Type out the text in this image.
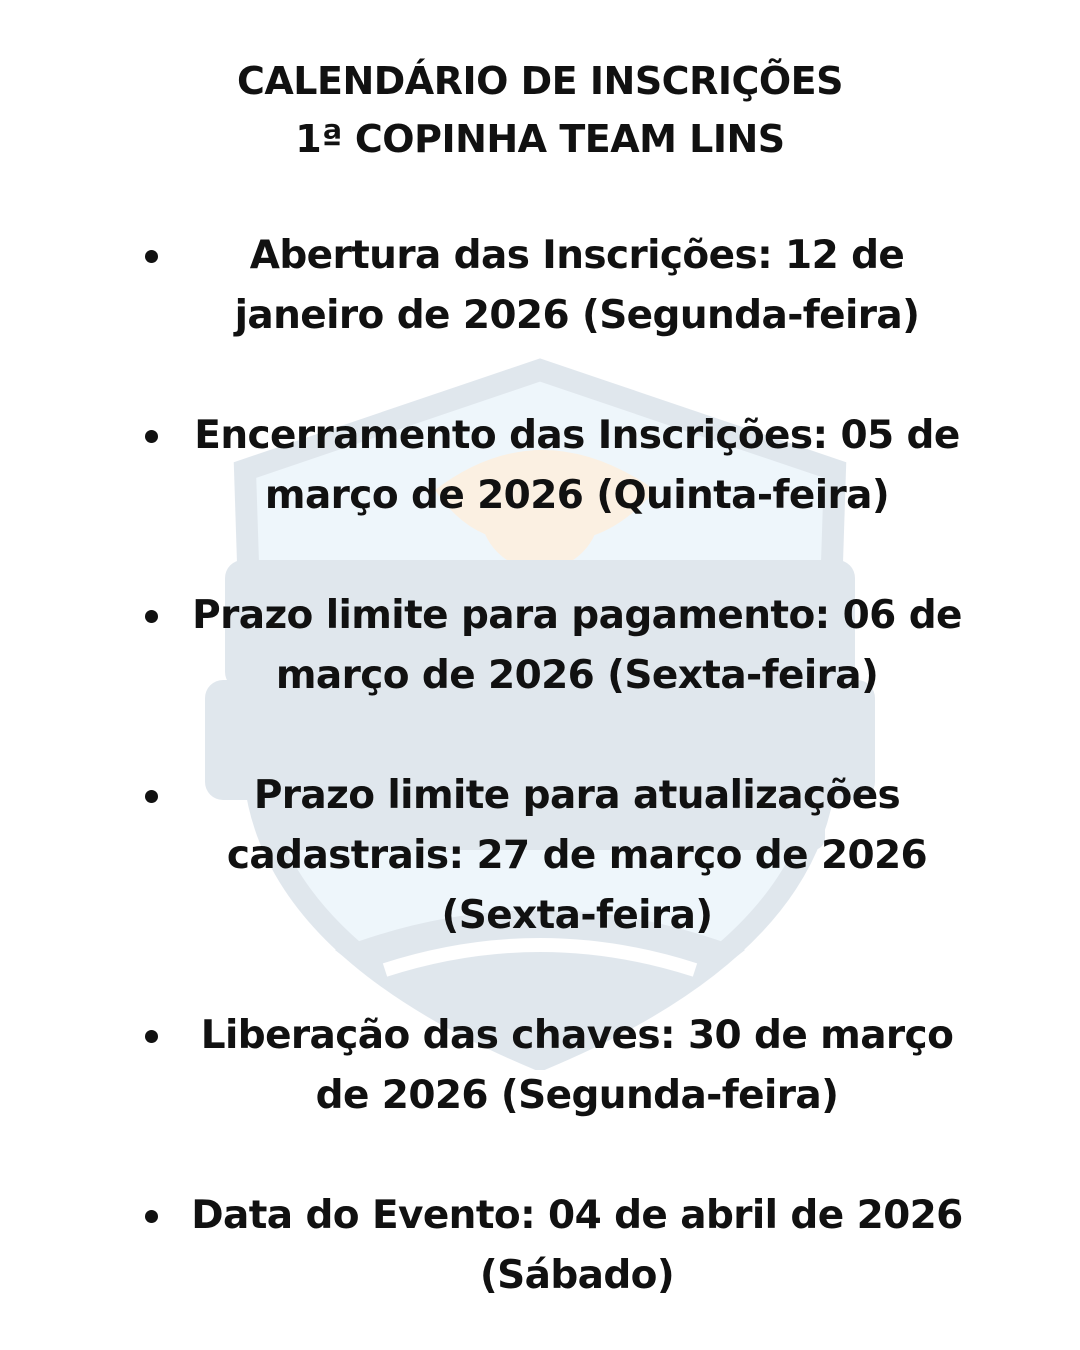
CALENDÁRIO DE INSCRIÇÕES
1ª COPINHA TEAM LINS
Abertura das Inscrições: 12 de
janeiro de 2026 (Segunda-feira)
Encerramento das Inscrições: 05 de
março de 2026 (Quinta-feira)
Prazo limite para pagamento: 06 de
março de 2026 (Sexta-feira)
Prazo limite para atualizações
cadastrais: 27 de março de 2026
(Sexta-feira)
Liberação das chaves: 30 de março
de 2026 (Segunda-feira)
Data do Evento: 04 de abril de 2026
(Sábado)
